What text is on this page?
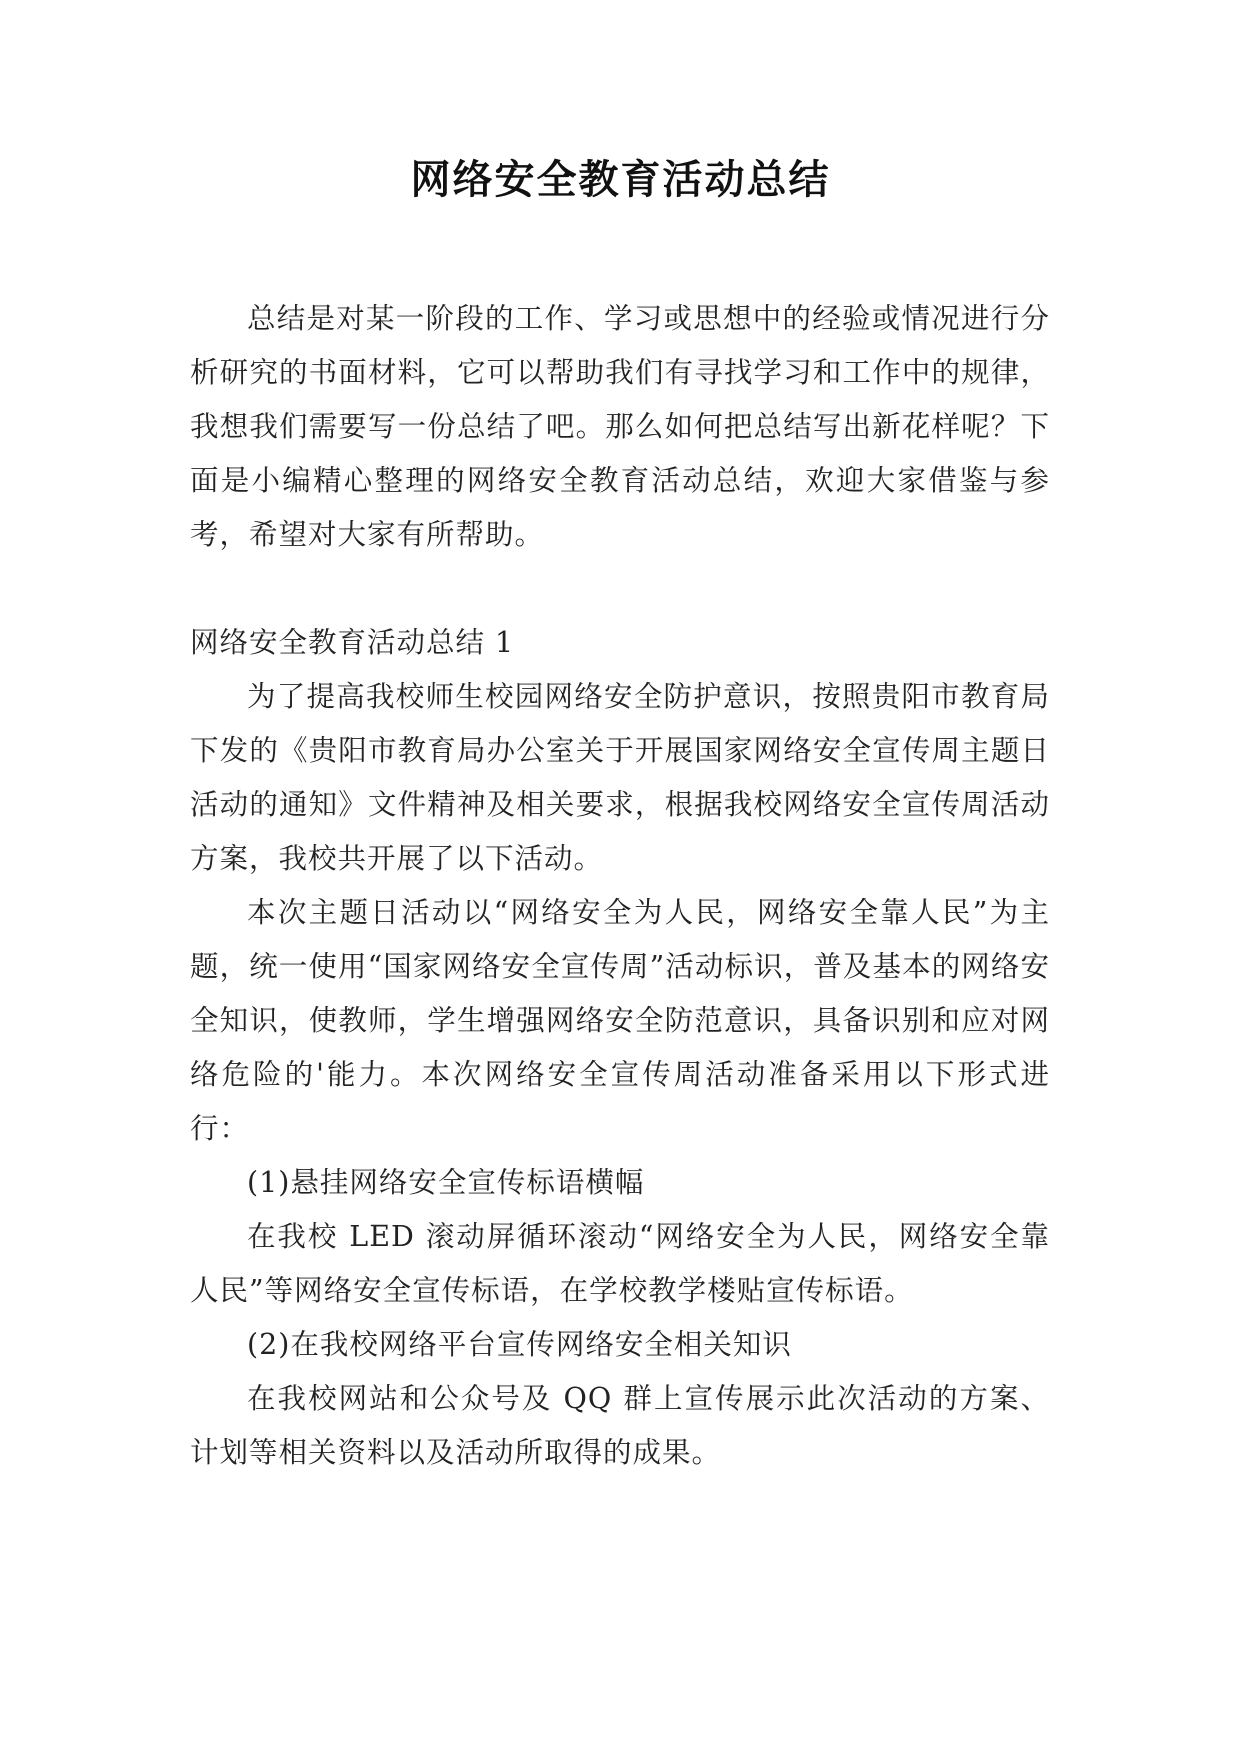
网络安全教育活动总结

总结是对某一阶段的工作、学习或思想中的经验或情况进行分析研究的书面材料，它可以帮助我们有寻找学习和工作中的规律，我想我们需要写一份总结了吧。那么如何把总结写出新花样呢？下面是小编精心整理的网络安全教育活动总结，欢迎大家借鉴与参考，希望对大家有所帮助。

网络安全教育活动总结 1

为了提高我校师生校园网络安全防护意识，按照贵阳市教育局下发的《贵阳市教育局办公室关于开展国家网络安全宣传周主题日活动的通知》文件精神及相关要求，根据我校网络安全宣传周活动方案，我校共开展了以下活动。

本次主题日活动以“网络安全为人民，网络安全靠人民”为主题，统一使用“国家网络安全宣传周”活动标识，普及基本的网络安全知识，使教师，学生增强网络安全防范意识，具备识别和应对网络危险的'能力。本次网络安全宣传周活动准备采用以下形式进行：

(1)悬挂网络安全宣传标语横幅

在我校 LED 滚动屏循环滚动“网络安全为人民，网络安全靠人民”等网络安全宣传标语，在学校教学楼贴宣传标语。

(2)在我校网络平台宣传网络安全相关知识

在我校网站和公众号及 QQ 群上宣传展示此次活动的方案、计划等相关资料以及活动所取得的成果。
